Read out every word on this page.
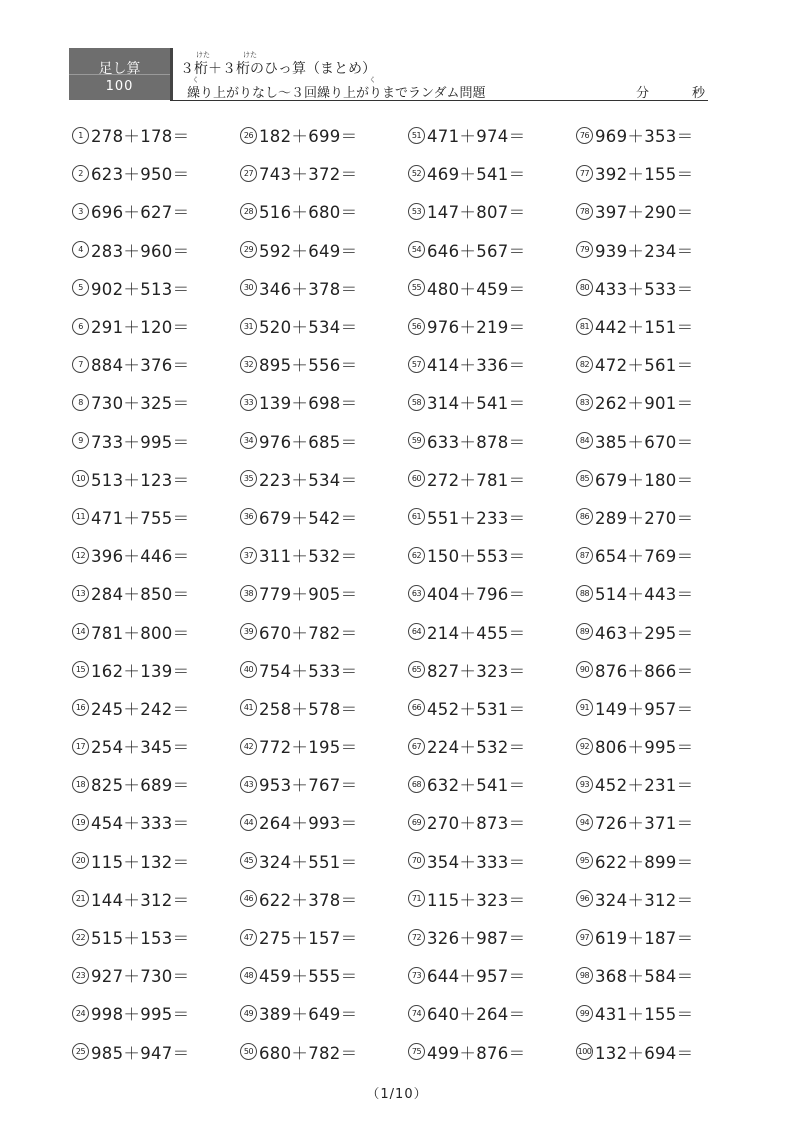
足し算
100
けた	けた
３桁＋３桁のひっ算（まとめ）
く	く
繰り上がりなし～３回繰り上がりまでランダム問題	分	秒
1 278＋178＝
2 623＋950＝
3 696＋627＝
4 283＋960＝
5 902＋513＝
6 291＋120＝
7 884＋376＝
8 730＋325＝
9 733＋995＝
10 513＋123＝
11 471＋755＝
12 396＋446＝
13 284＋850＝
14 781＋800＝
15 162＋139＝
16 245＋242＝
17 254＋345＝
18 825＋689＝
19 454＋333＝
20 115＋132＝
21 144＋312＝
22 515＋153＝
23 927＋730＝
24 998＋995＝
25 985＋947＝
26 182＋699＝
27 743＋372＝
28 516＋680＝
29 592＋649＝
30 346＋378＝
31 520＋534＝
32 895＋556＝
33 139＋698＝
34 976＋685＝
35 223＋534＝
36 679＋542＝
37 311＋532＝
38 779＋905＝
39 670＋782＝
40 754＋533＝
41 258＋578＝
42 772＋195＝
43 953＋767＝
44 264＋993＝
45 324＋551＝
46 622＋378＝
47 275＋157＝
48 459＋555＝
49 389＋649＝
50 680＋782＝
51 471＋974＝
52 469＋541＝
53 147＋807＝
54 646＋567＝
55 480＋459＝
56 976＋219＝
57 414＋336＝
58 314＋541＝
59 633＋878＝
60 272＋781＝
61 551＋233＝
62 150＋553＝
63 404＋796＝
64 214＋455＝
65 827＋323＝
66 452＋531＝
67 224＋532＝
68 632＋541＝
69 270＋873＝
70 354＋333＝
71 115＋323＝
72 326＋987＝
73 644＋957＝
74 640＋264＝
75 499＋876＝
76 969＋353＝
77 392＋155＝
78 397＋290＝
79 939＋234＝
80 433＋533＝
81 442＋151＝
82 472＋561＝
83 262＋901＝
84 385＋670＝
85 679＋180＝
86 289＋270＝
87 654＋769＝
88 514＋443＝
89 463＋295＝
90 876＋866＝
91 149＋957＝
92 806＋995＝
93 452＋231＝
94 726＋371＝
95 622＋899＝
96 324＋312＝
97 619＋187＝
98 368＋584＝
99 431＋155＝
100 132＋694＝
（1/10）
